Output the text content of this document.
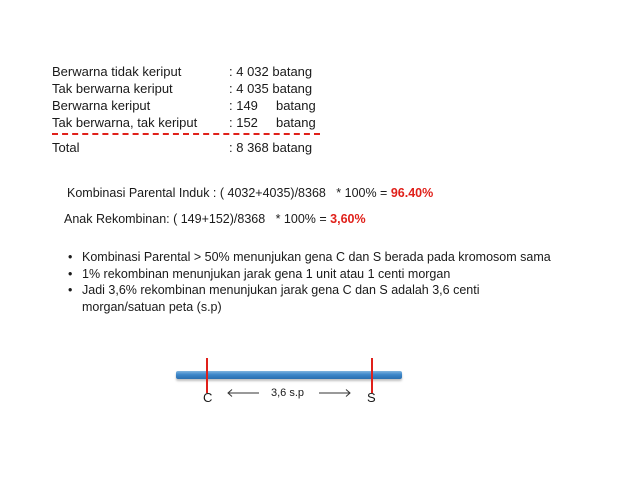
Berwarna tidak keriput	: 4 032 batang
Tak berwarna keriput	: 4 035 batang
Berwarna keriput	: 149     batang
Tak berwarna, tak keriput : 152     batang
Total	: 8 368 batang
Kombinasi Parental Induk : ( 4032+4035)/8368   * 100% = 96.40%
Anak Rekombinan: ( 149+152)/8368   * 100% = 3,60%
• Kombinasi Parental > 50% menunjukan gena C dan S berada pada kromosom sama
• 1% rekombinan menunjukan jarak gena 1 unit atau 1 centi morgan
• Jadi 3,6% rekombinan menunjukan jarak gena C dan S adalah 3,6 centi morgan/satuan peta (s.p)
C	S
3,6 s.p
